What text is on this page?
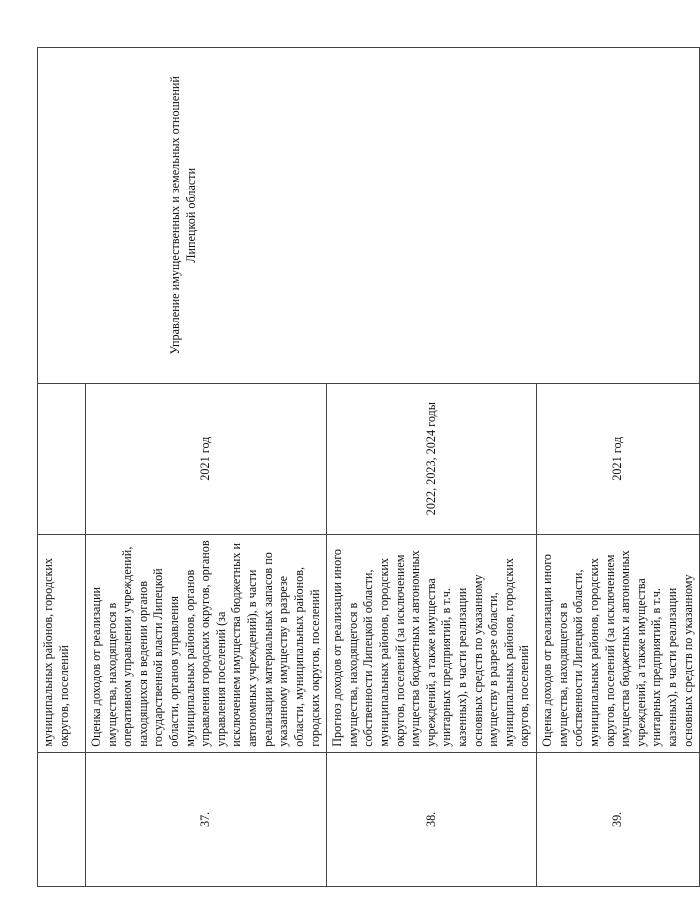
	муниципальных районов, городских округов, поселений		Управление имущественных и земельных отношений Липецкой области
37.	Оценка доходов от реализации имущества, находящегося в оперативном управлении учреждений, находящихся в ведении органов государственной власти Липецкой области, органов управления муниципальных районов, органов управления городских округов, органов управления поселений (за исключением имущества бюджетных и автономных учреждений), в части реализации материальных запасов по указанному имуществу в разрезе области, муниципальных районов, городских округов, поселений	2021 год	
38.	Прогноз доходов от реализации иного имущества, находящегося в собственности Липецкой области, муниципальных районов, городских округов, поселений (за исключением имущества бюджетных и автономных учреждений, а также имущества унитарных предприятий, в т.ч. казенных), в части реализации основных средств по указанному имуществу в разрезе области, муниципальных районов, городских округов, поселений	2022, 2023, 2024 годы	
39.	Оценка доходов от реализации иного имущества, находящегося в собственности Липецкой области, муниципальных районов, городских округов, поселений (за исключением имущества бюджетных и автономных учреждений, а также имущества унитарных предприятий, в т.ч. казенных), в части реализации основных средств по указанному	2021 год	
